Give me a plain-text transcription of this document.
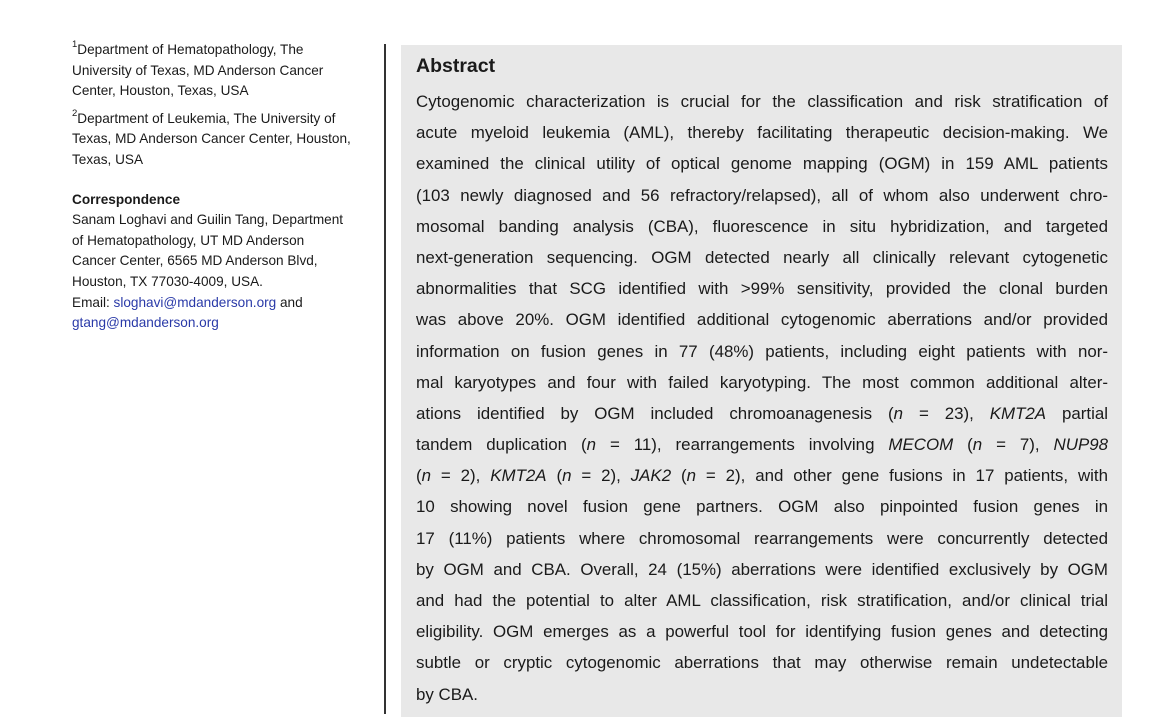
$^1$Department of Hematopathology, The
University of Texas, MD Anderson Cancer
Center, Houston, Texas, USA
$^2$Department of Leukemia, The University of
Texas, MD Anderson Cancer Center, Houston,
Texas, USA
Correspondence
Sanam Loghavi and Guilin Tang, Department
of Hematopathology, UT MD Anderson
Cancer Center, 6565 MD Anderson Blvd,
Houston, TX 77030-4009, USA.
Email: sloghavi@mdanderson.org and
gtang@mdanderson.org
Abstract
Cytogenomic characterization is crucial for the classification and risk stratification of
acute myeloid leukemia (AML), thereby facilitating therapeutic decision-making. We
examined the clinical utility of optical genome mapping (OGM) in 159 AML patients
(103 newly diagnosed and 56 refractory/relapsed), all of whom also underwent chro-
mosomal banding analysis (CBA), fluorescence in situ hybridization, and targeted
next-generation sequencing. OGM detected nearly all clinically relevant cytogenetic
abnormalities that SCG identified with >99% sensitivity, provided the clonal burden
was above 20%. OGM identified additional cytogenomic aberrations and/or provided
information on fusion genes in 77 (48%) patients, including eight patients with nor-
mal karyotypes and four with failed karyotyping. The most common additional alter-
ations identified by OGM included chromoanagenesis (n = 23), KMT2A partial
tandem duplication (n = 11), rearrangements involving MECOM (n = 7), NUP98
(n = 2), KMT2A (n = 2), JAK2 (n = 2), and other gene fusions in 17 patients, with
10 showing novel fusion gene partners. OGM also pinpointed fusion genes in
17 (11%) patients where chromosomal rearrangements were concurrently detected
by OGM and CBA. Overall, 24 (15%) aberrations were identified exclusively by OGM
and had the potential to alter AML classification, risk stratification, and/or clinical trial
eligibility. OGM emerges as a powerful tool for identifying fusion genes and detecting
subtle or cryptic cytogenomic aberrations that may otherwise remain undetectable
by CBA.
